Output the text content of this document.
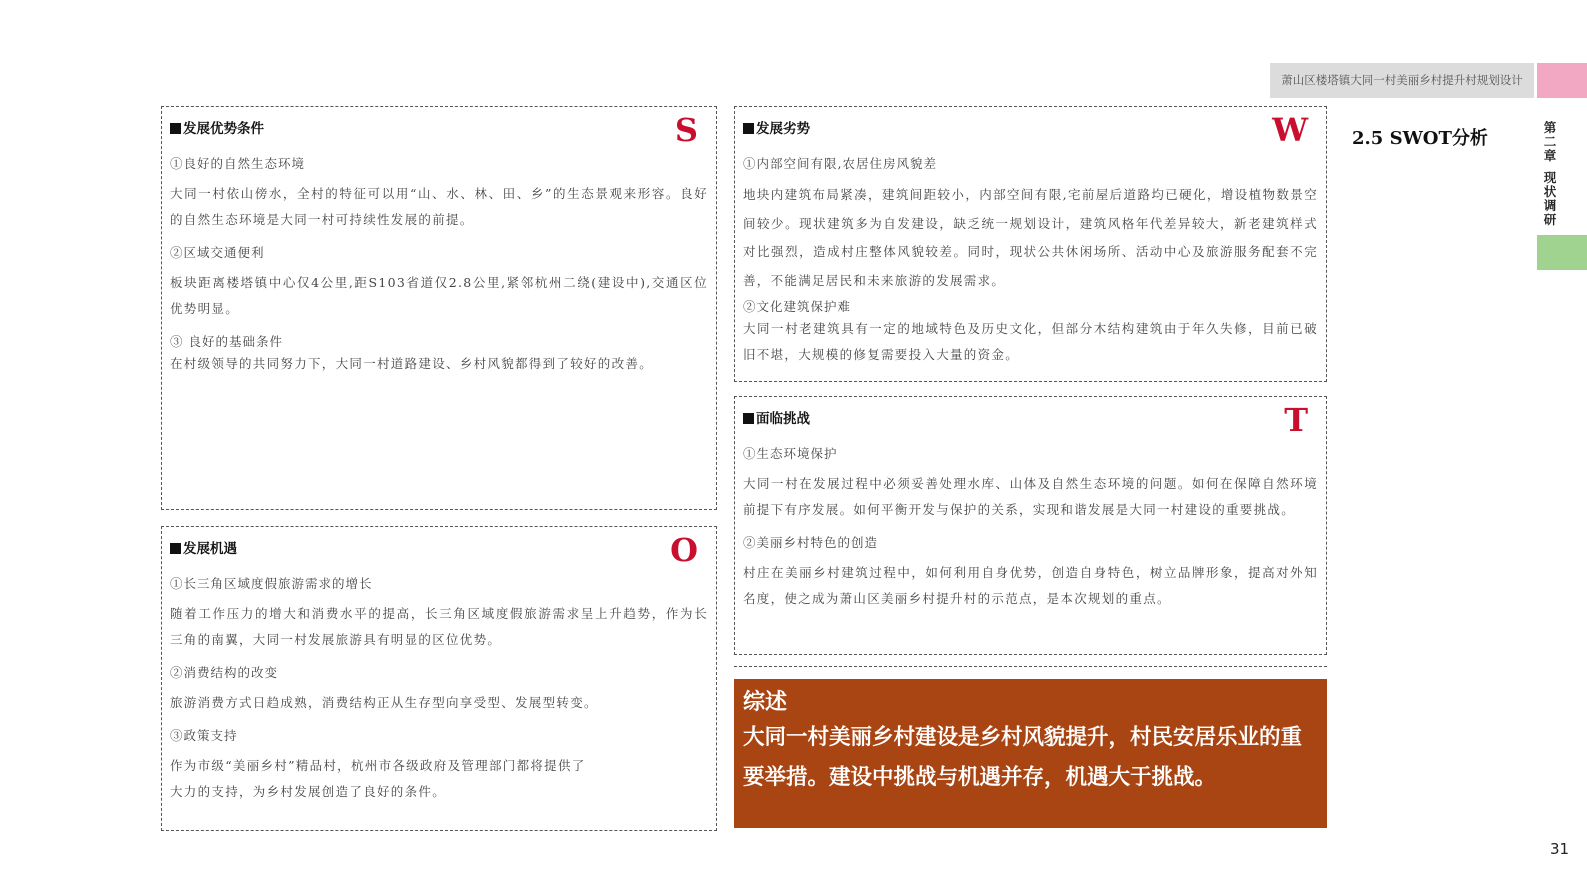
萧山区楼塔镇大同一村美丽乡村提升村规划设计
第
二
章
现
状
调
研
2.5 SWOT分析
31
发展优势条件	S
①良好的自然生态环境
大同一村依山傍水，全村的特征可以用“山、水、林、田、乡”的生态景观来形容。良好的自然生态环境是大同一村可持续性发展的前提。
②区域交通便利
板块距离楼塔镇中心仅4公里,距S103省道仅2.8公里,紧邻杭州二绕(建设中),交通区位优势明显。
③ 良好的基础条件
在村级领导的共同努力下，大同一村道路建设、乡村风貌都得到了较好的改善。
发展机遇	O
①长三角区域度假旅游需求的增长
随着工作压力的增大和消费水平的提高，长三角区域度假旅游需求呈上升趋势，作为长三角的南翼，大同一村发展旅游具有明显的区位优势。
②消费结构的改变
旅游消费方式日趋成熟，消费结构正从生存型向享受型、发展型转变。
③政策支持
作为市级“美丽乡村”精品村，杭州市各级政府及管理部门都将提供了
大力的支持，为乡村发展创造了良好的条件。
发展劣势	W
①内部空间有限,农居住房风貌差
地块内建筑布局紧凑，建筑间距较小，内部空间有限,宅前屋后道路均已硬化，增设植物数景空间较少。现状建筑多为自发建设，缺乏统一规划设计，建筑风格年代差异较大，新老建筑样式对比强烈，造成村庄整体风貌较差。同时，现状公共休闲场所、活动中心及旅游服务配套不完善，不能满足居民和未来旅游的发展需求。
②文化建筑保护难
大同一村老建筑具有一定的地域特色及历史文化，但部分木结构建筑由于年久失修，目前已破旧不堪，大规模的修复需要投入大量的资金。
面临挑战	T
①生态环境保护
大同一村在发展过程中必须妥善处理水库、山体及自然生态环境的问题。如何在保障自然环境前提下有序发展。如何平衡开发与保护的关系，实现和谐发展是大同一村建设的重要挑战。
②美丽乡村特色的创造
村庄在美丽乡村建筑过程中，如何利用自身优势，创造自身特色，树立品牌形象，提高对外知名度，使之成为萧山区美丽乡村提升村的示范点，是本次规划的重点。
综述
大同一村美丽乡村建设是乡村风貌提升，村民安居乐业的重要举措。建设中挑战与机遇并存，机遇大于挑战。
